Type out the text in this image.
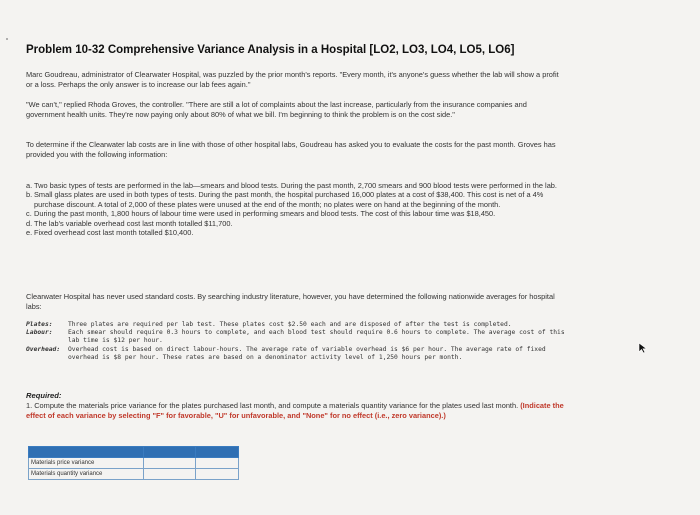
Problem 10-32 Comprehensive Variance Analysis in a Hospital [LO2, LO3, LO4, LO5, LO6]
Marc Goudreau, administrator of Clearwater Hospital, was puzzled by the prior month's reports. "Every month, it's anyone's guess whether the lab will show a profit or a loss. Perhaps the only answer is to increase our lab fees again."
"We can't," replied Rhoda Groves, the controller. "There are still a lot of complaints about the last increase, particularly from the insurance companies and government health units. They're now paying only about 80% of what we bill. I'm beginning to think the problem is on the cost side."
To determine if the Clearwater lab costs are in line with those of other hospital labs, Goudreau has asked you to evaluate the costs for the past month. Groves has provided you with the following information:
a. Two basic types of tests are performed in the lab—smears and blood tests. During the past month, 2,700 smears and 900 blood tests were performed in the lab.
b. Small glass plates are used in both types of tests. During the past month, the hospital purchased 16,000 plates at a cost of $38,400. This cost is net of a 4% purchase discount. A total of 2,000 of these plates were unused at the end of the month; no plates were on hand at the beginning of the month.
c. During the past month, 1,800 hours of labour time were used in performing smears and blood tests. The cost of this labour time was $18,450.
d. The lab's variable overhead cost last month totalled $11,700.
e. Fixed overhead cost last month totalled $10,400.
Clearwater Hospital has never used standard costs. By searching industry literature, however, you have determined the following nationwide averages for hospital labs:
Plates:	Three plates are required per lab test. These plates cost $2.50 each and are disposed of after the test is completed.
Labour:	Each smear should require 0.3 hours to complete, and each blood test should require 0.6 hours to complete. The average cost of this lab time is $12 per hour.
Overhead:	Overhead cost is based on direct labour-hours. The average rate of variable overhead is $6 per hour. The average rate of fixed overhead is $8 per hour. These rates are based on a denominator activity level of 1,250 hours per month.
Required:
1. Compute the materials price variance for the plates purchased last month, and compute a materials quantity variance for the plates used last month. (Indicate the effect of each variance by selecting "F" for favorable, "U" for unfavorable, and "None" for no effect (i.e., zero variance).)

Materials price variance		
Materials quantity variance		
